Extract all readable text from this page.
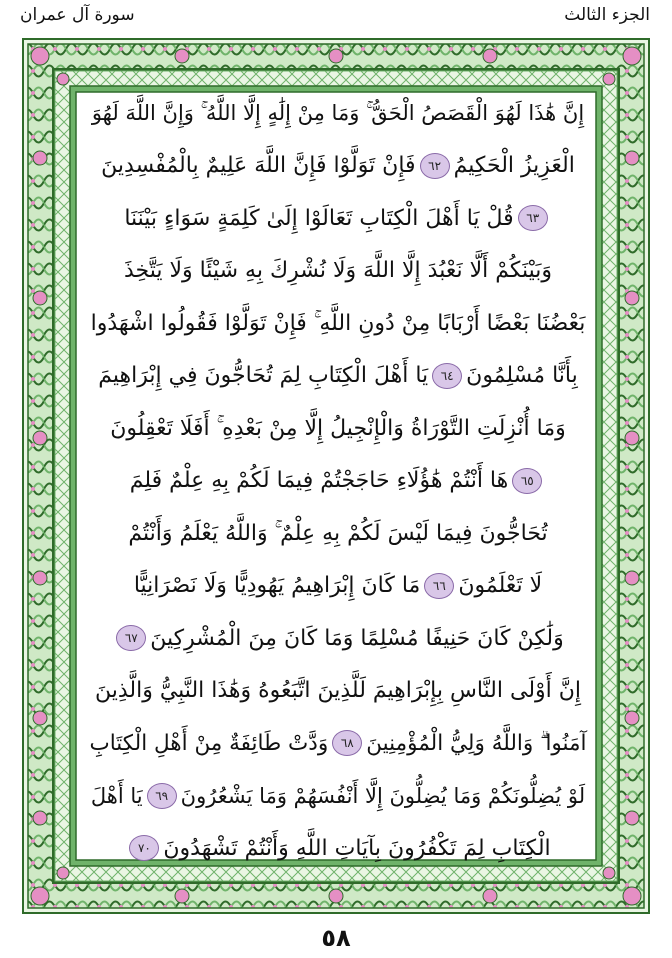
الجزء الثالث
سورة آل عمران
إِنَّ هَٰذَا لَهُوَ الْقَصَصُ الْحَقُّ ۚ وَمَا مِنْ إِلَٰهٍ إِلَّا اللَّهُ ۚ وَإِنَّ اللَّهَ لَهُوَ
الْعَزِيزُ الْحَكِيمُ
٦٢
فَإِنْ تَوَلَّوْا فَإِنَّ اللَّهَ عَلِيمٌ بِالْمُفْسِدِينَ
٦٣
قُلْ يَا أَهْلَ الْكِتَابِ تَعَالَوْا إِلَىٰ كَلِمَةٍ سَوَاءٍ بَيْنَنَا
وَبَيْنَكُمْ أَلَّا نَعْبُدَ إِلَّا اللَّهَ وَلَا نُشْرِكَ بِهِ شَيْئًا وَلَا يَتَّخِذَ
بَعْضُنَا بَعْضًا أَرْبَابًا مِنْ دُونِ اللَّهِ ۚ فَإِنْ تَوَلَّوْا فَقُولُوا اشْهَدُوا
بِأَنَّا مُسْلِمُونَ
٦٤
يَا أَهْلَ الْكِتَابِ لِمَ تُحَاجُّونَ فِي إِبْرَاهِيمَ
وَمَا أُنْزِلَتِ التَّوْرَاةُ وَالْإِنْجِيلُ إِلَّا مِنْ بَعْدِهِ ۚ أَفَلَا تَعْقِلُونَ
٦٥
هَا أَنْتُمْ هَٰؤُلَاءِ حَاجَجْتُمْ فِيمَا لَكُمْ بِهِ عِلْمٌ فَلِمَ
تُحَاجُّونَ فِيمَا لَيْسَ لَكُمْ بِهِ عِلْمٌ ۚ وَاللَّهُ يَعْلَمُ وَأَنْتُمْ
لَا تَعْلَمُونَ
٦٦
مَا كَانَ إِبْرَاهِيمُ يَهُودِيًّا وَلَا نَصْرَانِيًّا
وَلَٰكِنْ كَانَ حَنِيفًا مُسْلِمًا وَمَا كَانَ مِنَ الْمُشْرِكِينَ
٦٧
إِنَّ أَوْلَى النَّاسِ بِإِبْرَاهِيمَ لَلَّذِينَ اتَّبَعُوهُ وَهَٰذَا النَّبِيُّ وَالَّذِينَ
آمَنُوا ۗ وَاللَّهُ وَلِيُّ الْمُؤْمِنِينَ
٦٨
وَدَّتْ طَائِفَةٌ مِنْ أَهْلِ الْكِتَابِ
لَوْ يُضِلُّونَكُمْ وَمَا يُضِلُّونَ إِلَّا أَنْفُسَهُمْ وَمَا يَشْعُرُونَ
٦٩
يَا أَهْلَ
الْكِتَابِ لِمَ تَكْفُرُونَ بِآيَاتِ اللَّهِ وَأَنْتُمْ تَشْهَدُونَ
٧٠
٥٨
